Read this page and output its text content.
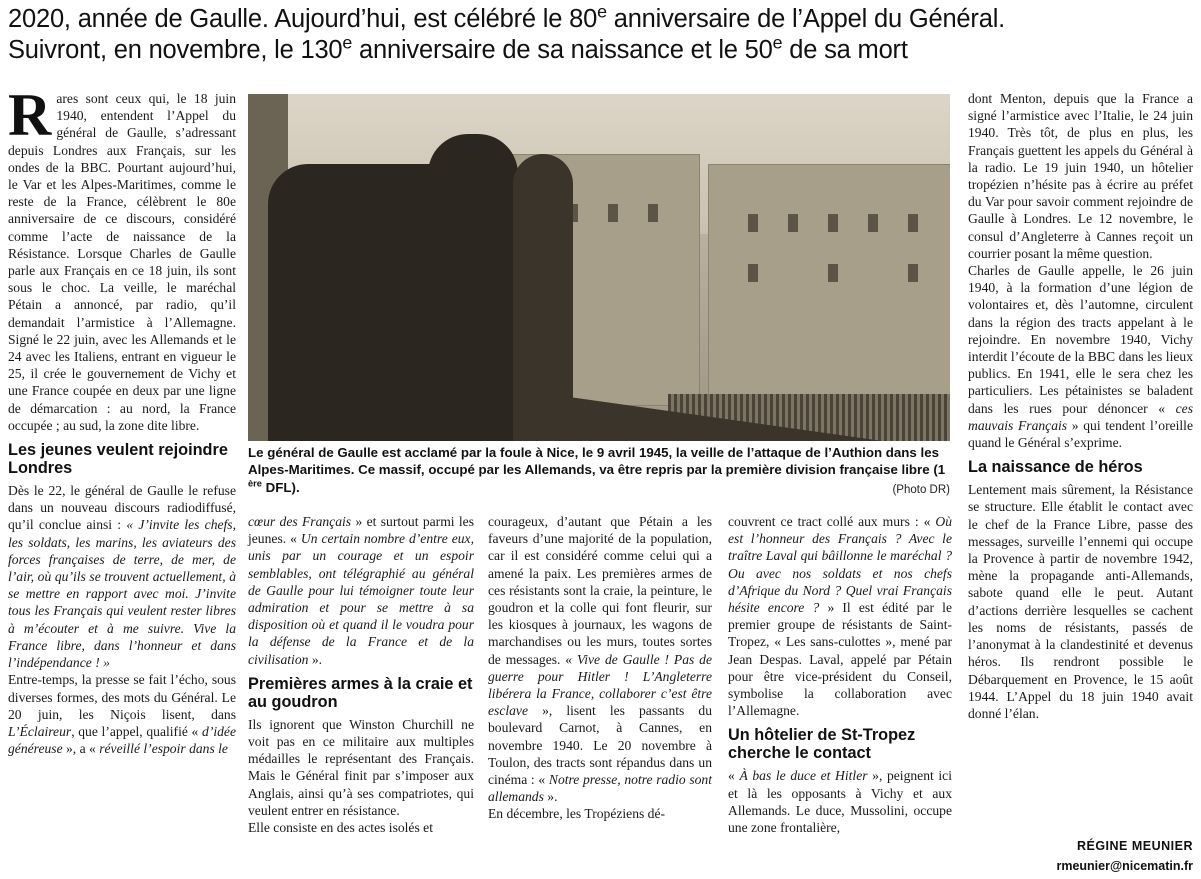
2020, année de Gaulle. Aujourd’hui, est célébré le 80e anniversaire de l’Appel du Général.
Suivront, en novembre, le 130e anniversaire de sa naissance et le 50e de sa mort

Rares sont ceux qui, le 18 juin 1940, entendent l’Appel du général de Gaulle, s’adressant depuis Londres aux Français, sur les ondes de la BBC. Pourtant aujourd’hui, le Var et les Alpes-Maritimes, comme le reste de la France, célèbrent le 80e anniversaire de ce discours, considéré comme l’acte de naissance de la Résistance. Lorsque Charles de Gaulle parle aux Français en ce 18 juin, ils sont sous le choc. La veille, le maréchal Pétain a annoncé, par radio, qu’il demandait l’armistice à l’Allemagne. Signé le 22 juin, avec les Allemands et le 24 avec les Italiens, entrant en vigueur le 25, il crée le gouvernement de Vichy et une France coupée en deux par une ligne de démarcation : au nord, la France occupée ; au sud, la zone dite libre.

Les jeunes veulent rejoindre Londres

Dès le 22, le général de Gaulle le refuse dans un nouveau discours radiodiffusé, qu’il conclue ainsi : « J’invite les chefs, les soldats, les marins, les aviateurs des forces françaises de terre, de mer, de l’air, où qu’ils se trouvent actuellement, à se mettre en rapport avec moi. J’invite tous les Français qui veulent rester libres à m’écouter et à me suivre. Vive la France libre, dans l’honneur et dans l’indépendance ! »

Entre-temps, la presse se fait l’écho, sous diverses formes, des mots du Général. Le 20 juin, les Niçois lisent, dans L’Éclaireur, que l’appel, qualifié « d’idée généreuse », a « réveillé l’espoir dans le

Le général de Gaulle est acclamé par la foule à Nice, le 9 avril 1945, la veille de l’attaque de l’Authion dans les Alpes-Maritimes. Ce massif, occupé par les Allemands, va être repris par la première division française libre (1 $^{ère}$ DFL).	(Photo DR)

cœur des Français » et surtout parmi les jeunes. « Un certain nombre d’entre eux, unis par un courage et un espoir semblables, ont télégraphié au général de Gaulle pour lui témoigner toute leur admiration et pour se mettre à sa disposition où et quand il le voudra pour la défense de la France et de la civilisation ».

Premières armes à la craie et au goudron

Ils ignorent que Winston Churchill ne voit pas en ce militaire aux multiples médailles le représentant des Français. Mais le Général finit par s’imposer aux Anglais, ainsi qu’à ses compatriotes, qui veulent entrer en résistance.

Elle consiste en des actes isolés et

courageux, d’autant que Pétain a les faveurs d’une majorité de la population, car il est considéré comme celui qui a amené la paix. Les premières armes de ces résistants sont la craie, la peinture, le goudron et la colle qui font fleurir, sur les kiosques à journaux, les wagons de marchandises ou les murs, toutes sortes de messages. « Vive de Gaulle ! Pas de guerre pour Hitler ! L’Angleterre libérera la France, collaborer c’est être esclave », lisent les passants du boulevard Carnot, à Cannes, en novembre 1940. Le 20 novembre à Toulon, des tracts sont répandus dans un cinéma : « Notre presse, notre radio sont allemands ».

En décembre, les Tropéziens dé-

couvrent ce tract collé aux murs : « Où est l’honneur des Français ? Avec le traître Laval qui bâillonne le maréchal ? Ou avec nos soldats et nos chefs d’Afrique du Nord ? Quel vrai Français hésite encore ? » Il est édité par le premier groupe de résistants de Saint-Tropez, « Les sans-culottes », mené par Jean Despas. Laval, appelé par Pétain pour être vice-président du Conseil, symbolise la collaboration avec l’Allemagne.

Un hôtelier de St-Tropez cherche le contact

« À bas le duce et Hitler », peignent ici et là les opposants à Vichy et aux Allemands. Le duce, Mussolini, occupe une zone frontalière,

dont Menton, depuis que la France a signé l’armistice avec l’Italie, le 24 juin 1940. Très tôt, de plus en plus, les Français guettent les appels du Général à la radio. Le 19 juin 1940, un hôtelier tropézien n’hésite pas à écrire au préfet du Var pour savoir comment rejoindre de Gaulle à Londres. Le 12 novembre, le consul d’Angleterre à Cannes reçoit un courrier posant la même question.

Charles de Gaulle appelle, le 26 juin 1940, à la formation d’une légion de volontaires et, dès l’automne, circulent dans la région des tracts appelant à le rejoindre. En novembre 1940, Vichy interdit l’écoute de la BBC dans les lieux publics. En 1941, elle le sera chez les particuliers. Les pétainistes se baladent dans les rues pour dénoncer « ces mauvais Français » qui tendent l’oreille quand le Général s’exprime.

La naissance de héros

Lentement mais sûrement, la Résistance se structure. Elle établit le contact avec le chef de la France Libre, passe des messages, surveille l’ennemi qui occupe la Provence à partir de novembre 1942, mène la propagande anti-Allemands, sabote quand elle le peut. Autant d’actions derrière lesquelles se cachent les noms de résistants, passés de l’anonymat à la clandestinité et devenus héros. Ils rendront possible le Débarquement en Provence, le 15 août 1944. L’Appel du 18 juin 1940 avait donné l’élan.

RÉGINE MEUNIER
rmeunier@nicematin.fr
